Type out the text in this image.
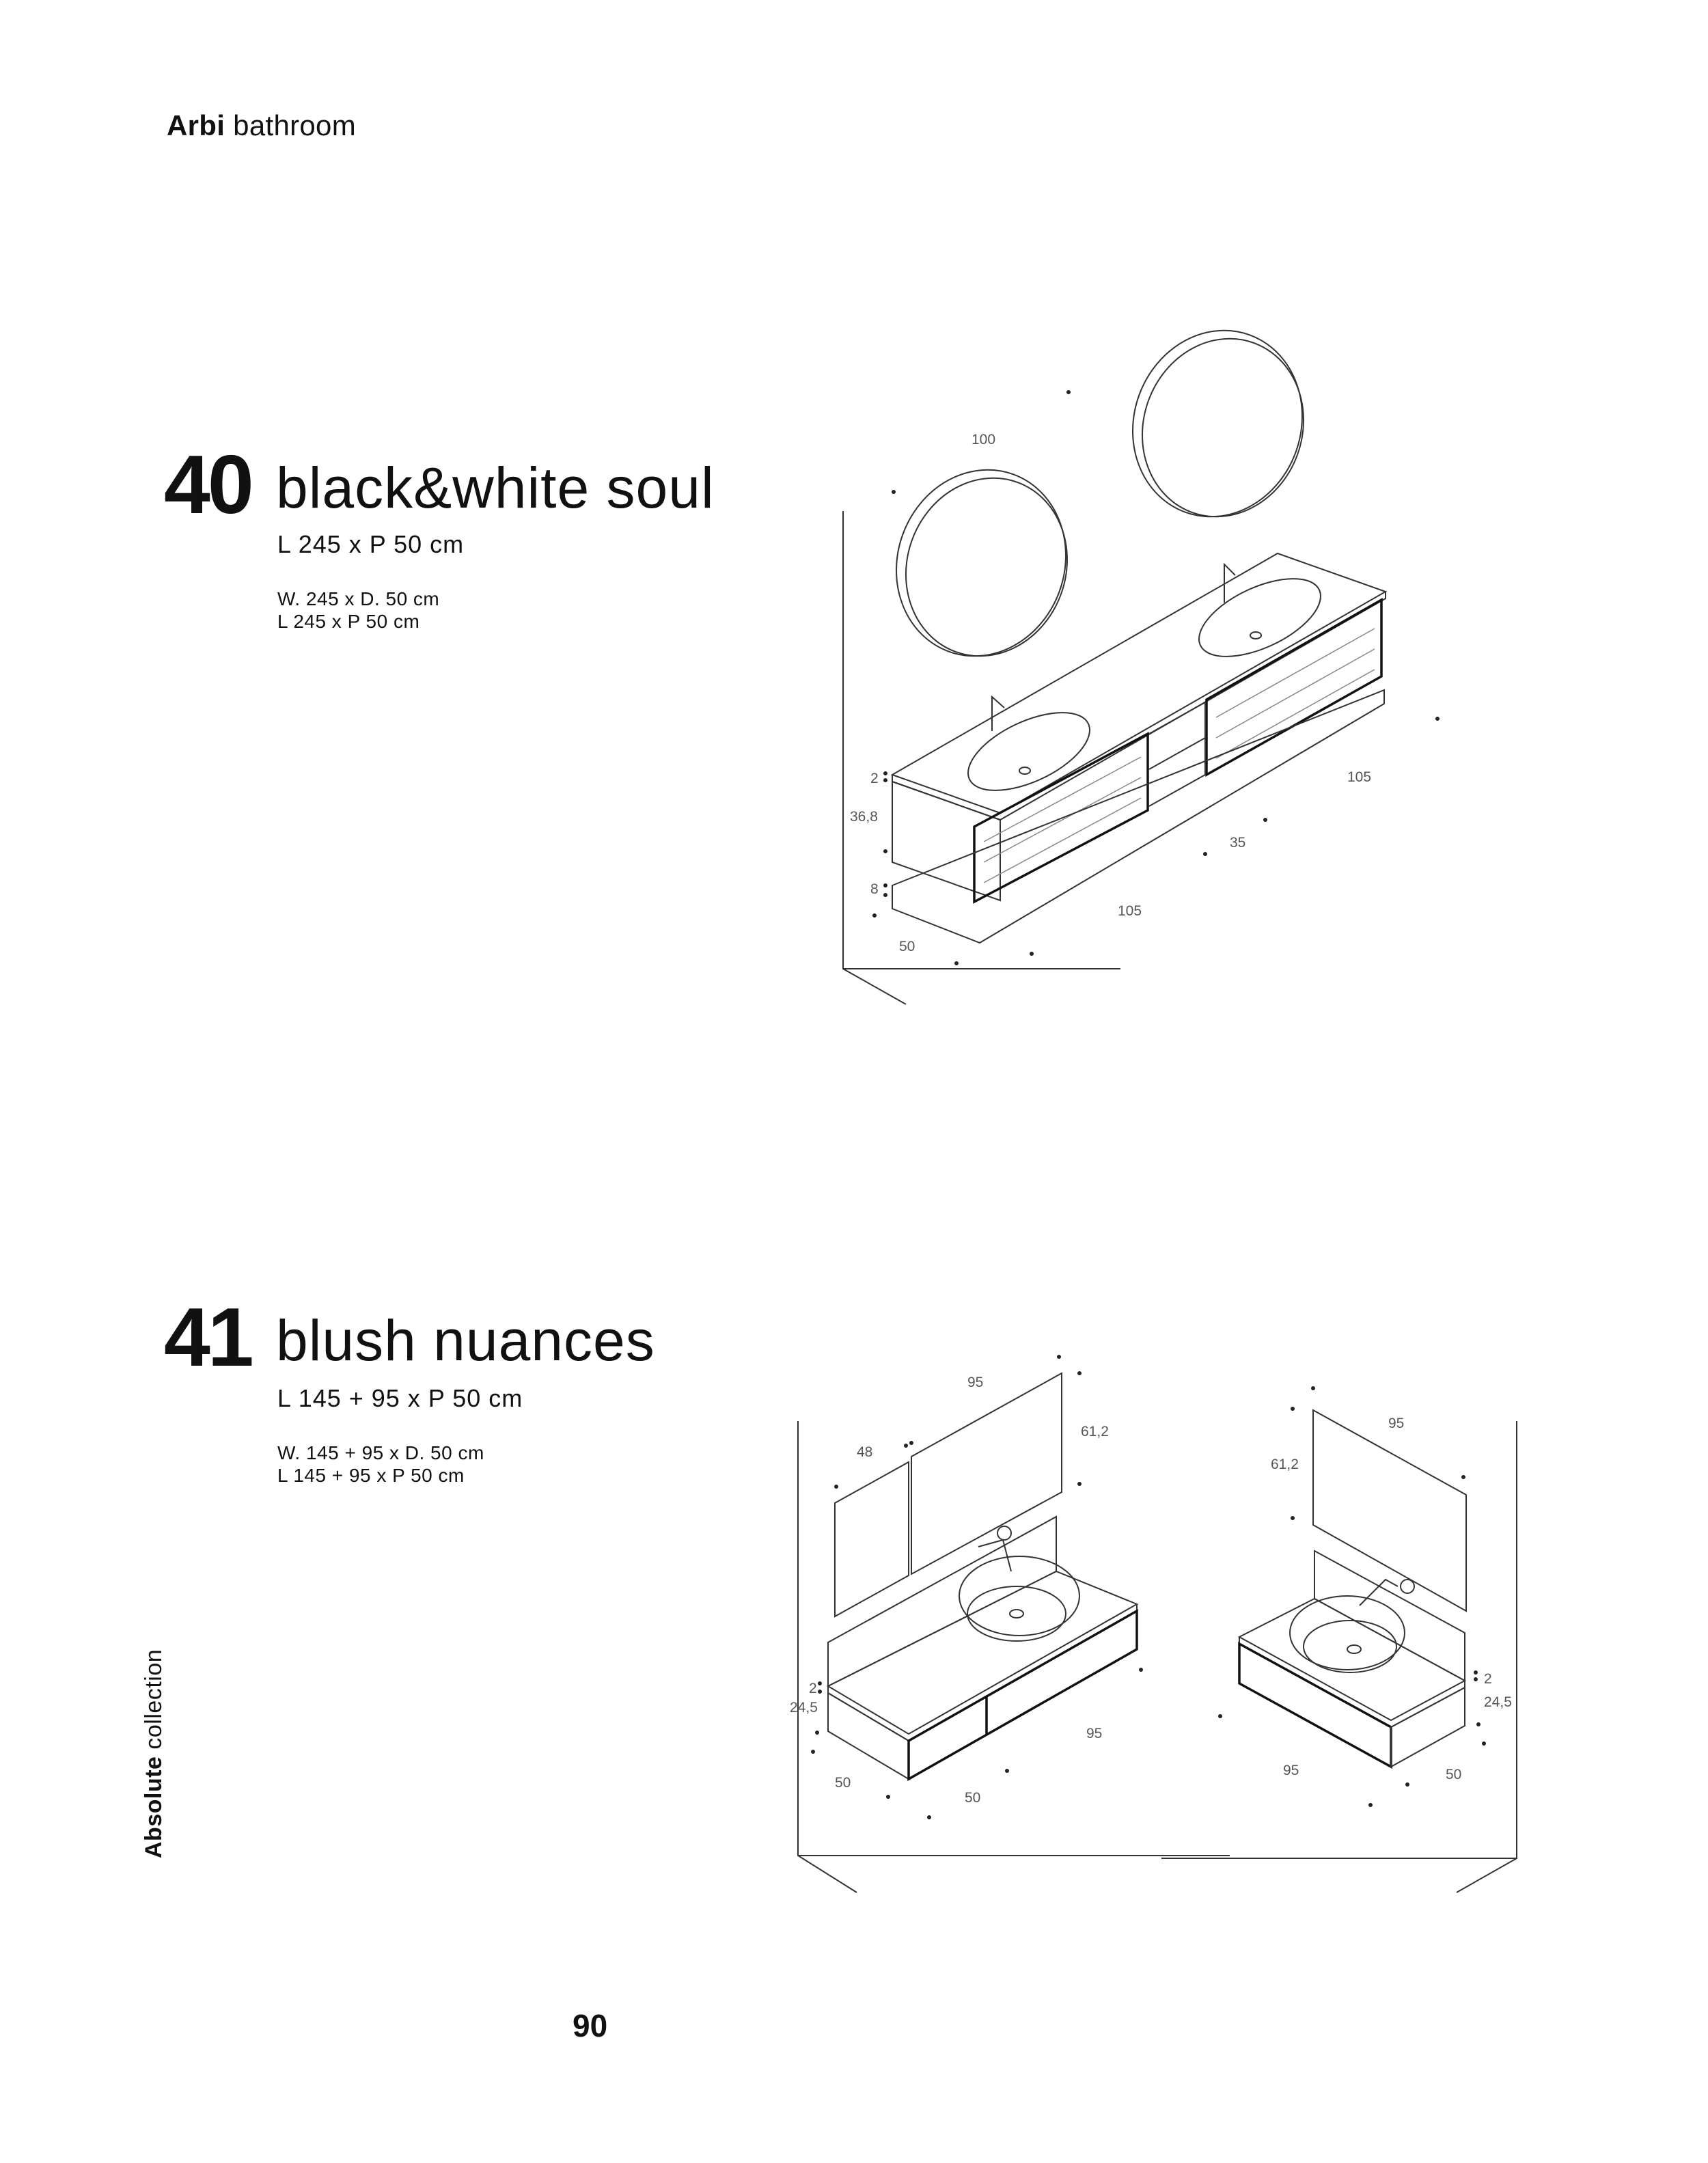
Arbi bathroom
40 black&white soul
L 245 x P 50 cm
W. 245 x D. 50 cm
L 245 x P 50 cm
41 blush nuances
L 145 + 95 x P 50 cm
W. 145 + 95 x D. 50 cm
L 145 + 95 x P 50 cm
Absolute collection
90
100
2
36,8
8
50
105
35
105
95
48
61,2
2
24,5
50
50
95
95
61,2
2
24,5
95	50
